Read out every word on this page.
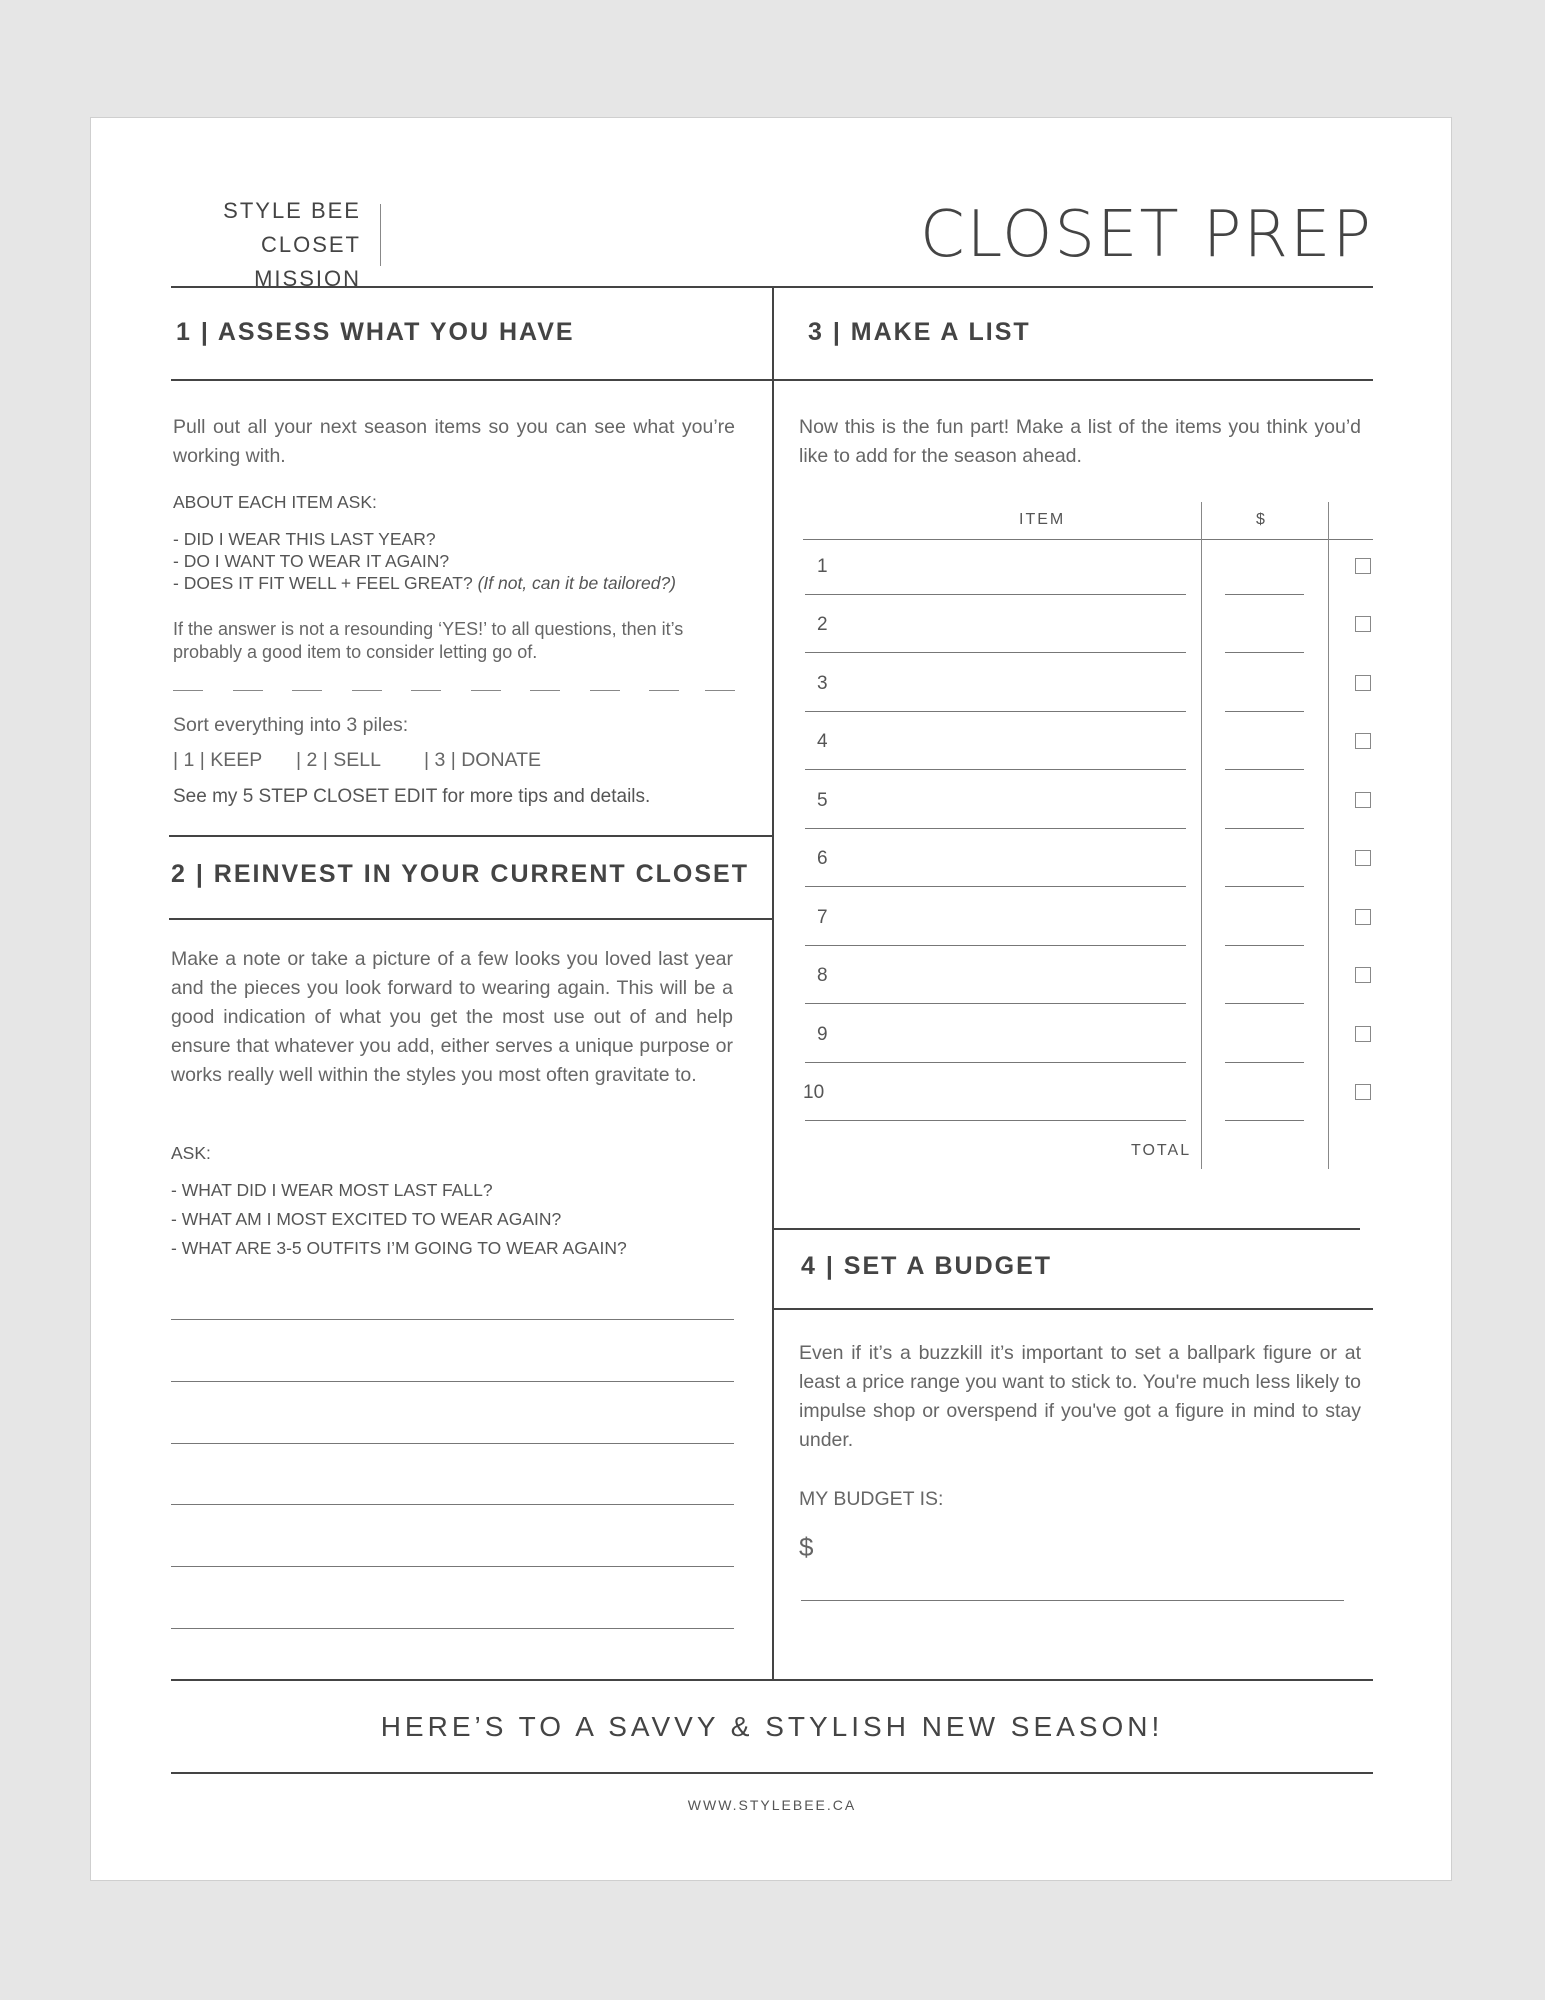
STYLE BEE
CLOSET MISSION
CLOSET PREP
1 | ASSESS WHAT YOU HAVE
Pull out all your next season items so you can see what you’re working with.
ABOUT EACH ITEM ASK:
- DID I WEAR THIS LAST YEAR?
- DO I WANT TO WEAR IT AGAIN?
- DOES IT FIT WELL + FEEL GREAT? (If not, can it be tailored?)
If the answer is not a resounding ‘YES!’ to all questions, then it’s probably a good item to consider letting go of.
Sort everything into 3 piles:
| 1 | KEEP | 2 | SELL | 3 | DONATE
See my 5 STEP CLOSET EDIT for more tips and details.
2 | REINVEST IN YOUR CURRENT CLOSET
Make a note or take a picture of a few looks you loved last year and the pieces you look forward to wearing again. This will be a good indication of what you get the most use out of and help ensure that whatever you add, either serves a unique purpose or works really well within the styles you most often gravitate to.
ASK:
- WHAT DID I WEAR MOST LAST FALL?
- WHAT AM I MOST EXCITED TO WEAR AGAIN?
- WHAT ARE 3-5 OUTFITS I’M GOING TO WEAR AGAIN?
3 | MAKE A LIST
Now this is the fun part! Make a list of the items you think you’d like to add for the season ahead.
ITEM	$
1
2
3
4
5
6
7
8
9
10
TOTAL
4 | SET A BUDGET
Even if it’s a buzzkill it’s important to set a ballpark figure or at least a price range you want to stick to. You're much less likely to impulse shop or overspend if you've got a figure in mind to stay under.
MY BUDGET IS:
$
HERE’S TO A SAVVY & STYLISH NEW SEASON!
WWW.STYLEBEE.CA
